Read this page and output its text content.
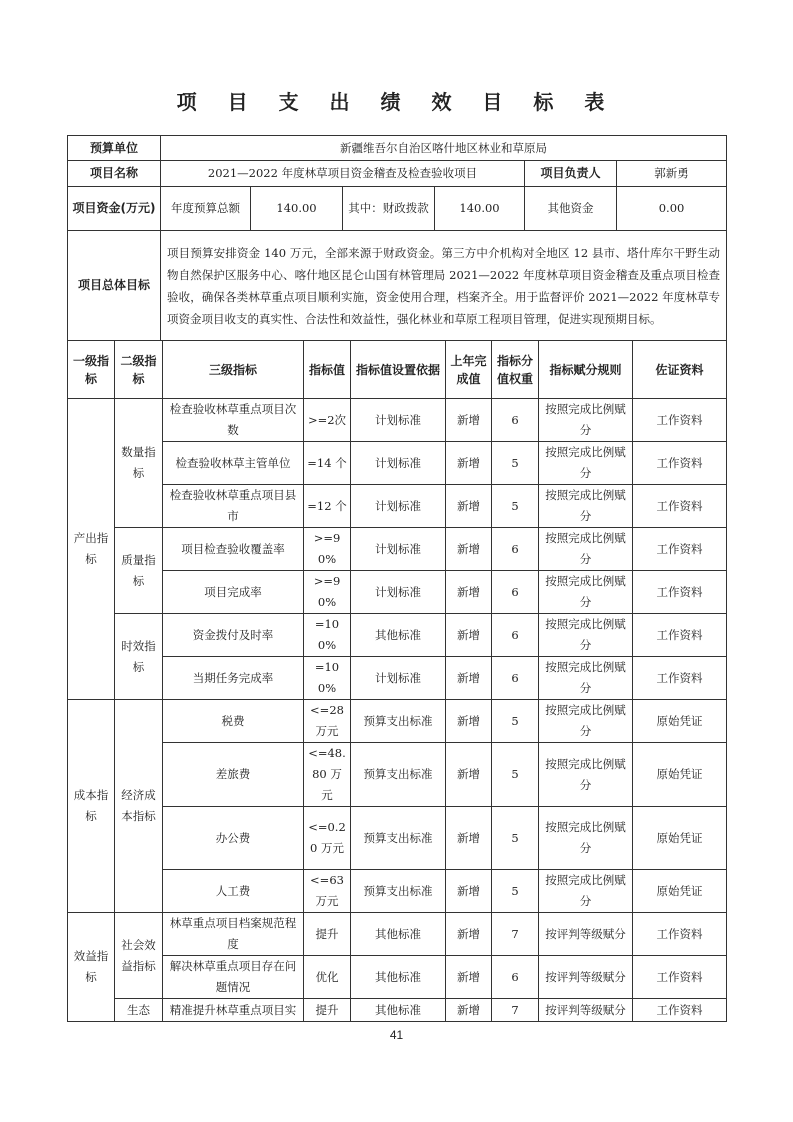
项 目 支 出 绩 效 目 标 表
预算单位	新疆维吾尔自治区喀什地区林业和草原局					
项目名称	2021—2022 年度林草项目资金稽查及检查验收项目				项目负责人	郭新勇
项目资金(万元)	年度预算总额	140.00	其中：财政拨款	140.00	其他资金	0.00
项目总体目标	项目预算安排资金 140 万元，全部来源于财政资金。第三方中介机构对全地区 12 县市、塔什库尔干野生动物自然保护区服务中心、喀什地区昆仑山国有林管理局 2021—2022 年度林草项目资金稽查及重点项目检查验收，确保各类林草重点项目顺利实施，资金使用合理，档案齐全。用于监督评价 2021—2022 年度林草专项资金项目收支的真实性、合法性和效益性，强化林业和草原工程项目管理，促进实现预期目标。					
一级指标	二级指标	三级指标	指标值	指标值设置依据	上年完成值	指标分值权重	指标赋分规则	佐证资料
产出指标	数量指标	检查验收林草重点项目次数	>=2次	计划标准	新增	6	按照完成比例赋分	工作资料
		检查验收林草主管单位	=14 个	计划标准	新增	5	按照完成比例赋分	工作资料
		检查验收林草重点项目县市	=12 个	计划标准	新增	5	按照完成比例赋分	工作资料
	质量指标	项目检查验收覆盖率	>=90%	计划标准	新增	6	按照完成比例赋分	工作资料
		项目完成率	>=90%	计划标准	新增	6	按照完成比例赋分	工作资料
	时效指标	资金拨付及时率	=100%	其他标准	新增	6	按照完成比例赋分	工作资料
		当期任务完成率	=100%	计划标准	新增	6	按照完成比例赋分	工作资料
成本指标	经济成本指标	税费	<=28 万元	预算支出标准	新增	5	按照完成比例赋分	原始凭证
		差旅费	<=48.80 万元	预算支出标准	新增	5	按照完成比例赋分	原始凭证
		办公费	<=0.20 万元	预算支出标准	新增	5	按照完成比例赋分	原始凭证
		人工费	<=63 万元	预算支出标准	新增	5	按照完成比例赋分	原始凭证
效益指标	社会效益指标	林草重点项目档案规范程度	提升	其他标准	新增	7	按评判等级赋分	工作资料
		解决林草重点项目存在问题情况	优化	其他标准	新增	6	按评判等级赋分	工作资料
	生态	精准提升林草重点项目实	提升	其他标准	新增	7	按评判等级赋分	工作资料
41
